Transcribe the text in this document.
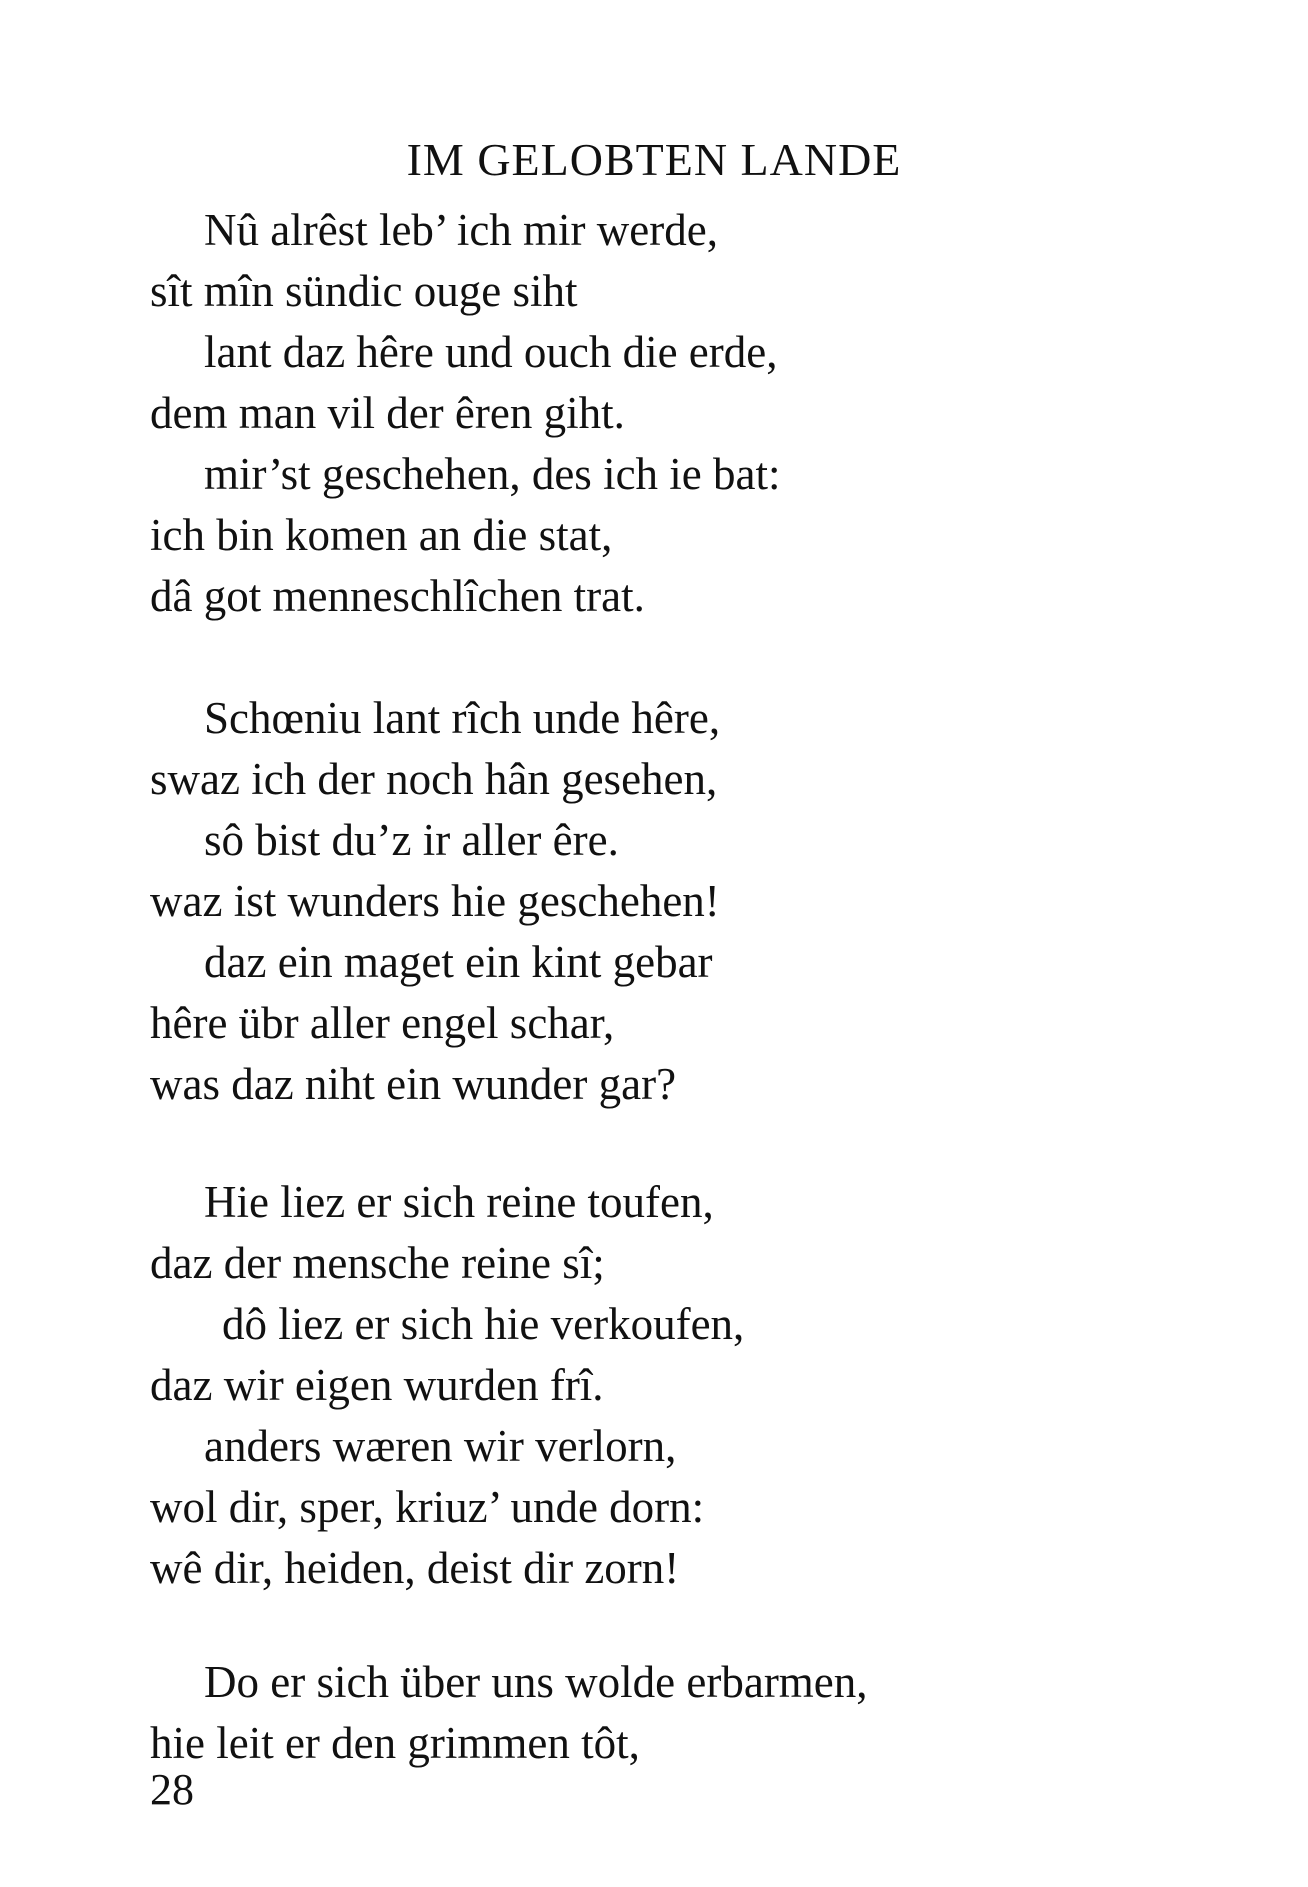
IM GELOBTEN LANDE
Nû alrêst leb’ ich mir werde,
sît mîn sündic ouge siht
lant daz hêre und ouch die erde,
dem man vil der êren giht.
mir’st geschehen, des ich ie bat:
ich bin komen an die stat,
dâ got menneschlîchen trat.
Schœniu lant rîch unde hêre,
swaz ich der noch hân gesehen,
sô bist du’z ir aller êre.
waz ist wunders hie geschehen!
daz ein maget ein kint gebar
hêre übr aller engel schar,
was daz niht ein wunder gar?
Hie liez er sich reine toufen,
daz der mensche reine sî;
dô liez er sich hie verkoufen,
daz wir eigen wurden frî.
anders wæren wir verlorn,
wol dir, sper, kriuz’ unde dorn:
wê dir, heiden, deist dir zorn!
Do er sich über uns wolde erbarmen,
hie leit er den grimmen tôt,
28
